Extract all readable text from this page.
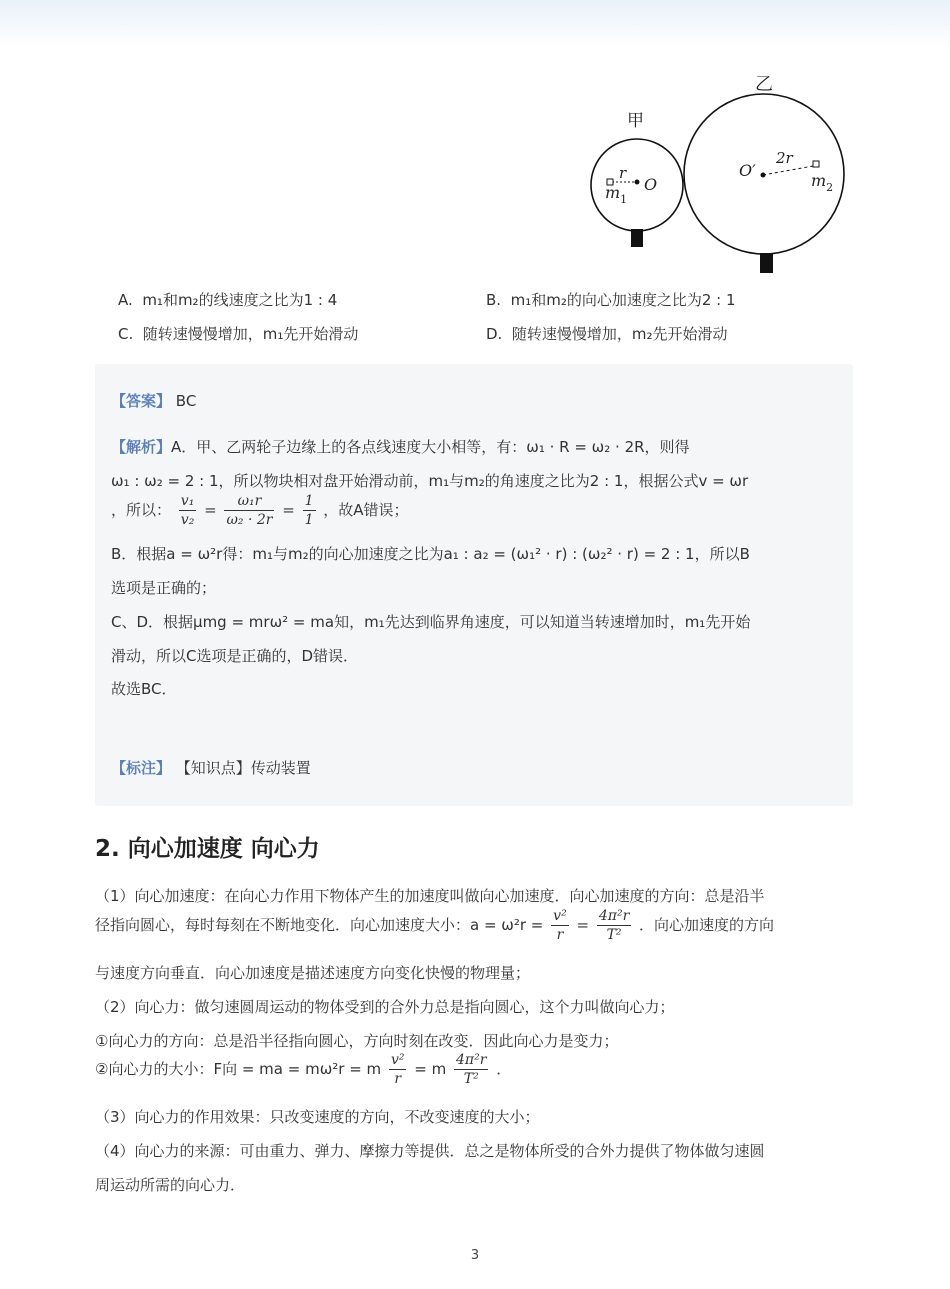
乙
甲
r
O
$m_1$
2r
O′
$m_2$
A. m₁和m₂的线速度之比为1 : 4	B. m₁和m₂的向心加速度之比为2 : 1
C. 随转速慢慢增加，m₁先开始滑动	D. 随转速慢慢增加，m₂先开始滑动
【答案】 BC
【解析】A．甲、乙两轮子边缘上的各点线速度大小相等，有：ω₁ · R = ω₂ · 2R，则得
ω₁ : ω₂ = 2 : 1，所以物块相对盘开始滑动前，m₁与m₂的角速度之比为2 : 1，根据公式v = ωr
，所以： $\frac{\text{v₁}}{\text{v₂}} = \frac{\text{ω₁r}}{\text{ω₂ · 2r}} = \frac{1}{1}$ ，故A错误；
B．根据a = ω²r得：m₁与m₂的向心加速度之比为a₁ : a₂ = (ω₁² · r) : (ω₂² · r) = 2 : 1，所以B
选项是正确的；
C、D．根据μmg = mrω² = ma知，m₁先达到临界角速度，可以知道当转速增加时，m₁先开始
滑动，所以C选项是正确的，D错误．
故选BC．
【标注】 【知识点】传动装置
2. 向心加速度 向心力
（1）向心加速度：在向心力作用下物体产生的加速度叫做向心加速度．向心加速度的方向：总是沿半
径指向圆心，每时每刻在不断地变化．向心加速度大小：$a = \omega^2r = \frac{\text{v²}}{r} = \frac{\text{4π²r}}{\text{T²}}$ ．向心加速度的方向
与速度方向垂直．向心加速度是描述速度方向变化快慢的物理量；
（2）向心力：做匀速圆周运动的物体受到的合外力总是指向圆心，这个力叫做向心力；
①向心力的方向：总是沿半径指向圆心，方向时刻在改变．因此向心力是变力；
②向心力的大小：F向 = ma = mω²r = m $\frac{\text{v²}}{r} = m \frac{\text{4π²r}}{\text{T²}}$ ．
（3）向心力的作用效果：只改变速度的方向，不改变速度的大小；
（4）向心力的来源：可由重力、弹力、摩擦力等提供．总之是物体所受的合外力提供了物体做匀速圆
周运动所需的向心力．
3
